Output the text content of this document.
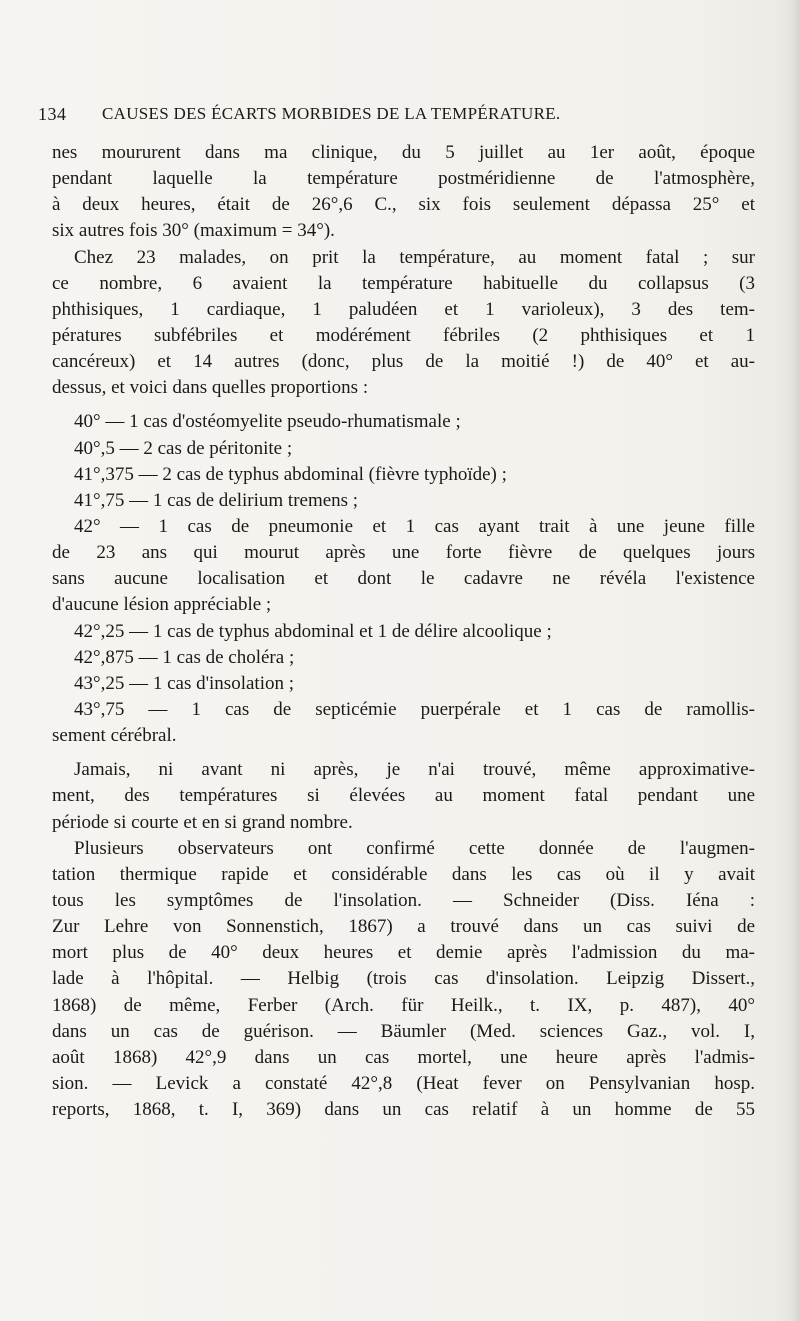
134 CAUSES DES ÉCARTS MORBIDES DE LA TEMPÉRATURE.

nes moururent dans ma clinique, du 5 juillet au 1er août, époque

pendant laquelle la température postméridienne de l'atmosphère,

à deux heures, était de 26°,6 C., six fois seulement dépassa 25° et

six autres fois 30° (maximum = 34°).

Chez 23 malades, on prit la température, au moment fatal ; sur

ce nombre, 6 avaient la température habituelle du collapsus (3

phthisiques, 1 cardiaque, 1 paludéen et 1 varioleux), 3 des tem-

pératures subfébriles et modérément fébriles (2 phthisiques et 1

cancéreux) et 14 autres (donc, plus de la moitié !) de 40° et au-

dessus, et voici dans quelles proportions :

40° — 1 cas d'ostéomyelite pseudo-rhumatismale ;

40°,5 — 2 cas de péritonite ;

41°,375 — 2 cas de typhus abdominal (fièvre typhoïde) ;

41°,75 — 1 cas de delirium tremens ;

42° — 1 cas de pneumonie et 1 cas ayant trait à une jeune fille

de 23 ans qui mourut après une forte fièvre de quelques jours

sans aucune localisation et dont le cadavre ne révéla l'existence

d'aucune lésion appréciable ;

42°,25 — 1 cas de typhus abdominal et 1 de délire alcoolique ;

42°,875 — 1 cas de choléra ;

43°,25 — 1 cas d'insolation ;

43°,75 — 1 cas de septicémie puerpérale et 1 cas de ramollis-

sement cérébral.

Jamais, ni avant ni après, je n'ai trouvé, même approximative-

ment, des températures si élevées au moment fatal pendant une

période si courte et en si grand nombre.

Plusieurs observateurs ont confirmé cette donnée de l'augmen-

tation thermique rapide et considérable dans les cas où il y avait

tous les symptômes de l'insolation. — Schneider (Diss. Iéna :

Zur Lehre von Sonnenstich, 1867) a trouvé dans un cas suivi de

mort plus de 40° deux heures et demie après l'admission du ma-

lade à l'hôpital. — Helbig (trois cas d'insolation. Leipzig Dissert.,

1868) de même, Ferber (Arch. für Heilk., t. IX, p. 487), 40°

dans un cas de guérison. — Bäumler (Med. sciences Gaz., vol. I,

août 1868) 42°,9 dans un cas mortel, une heure après l'admis-

sion. — Levick a constaté 42°,8 (Heat fever on Pensylvanian hosp.

reports, 1868, t. I, 369) dans un cas relatif à un homme de 55
